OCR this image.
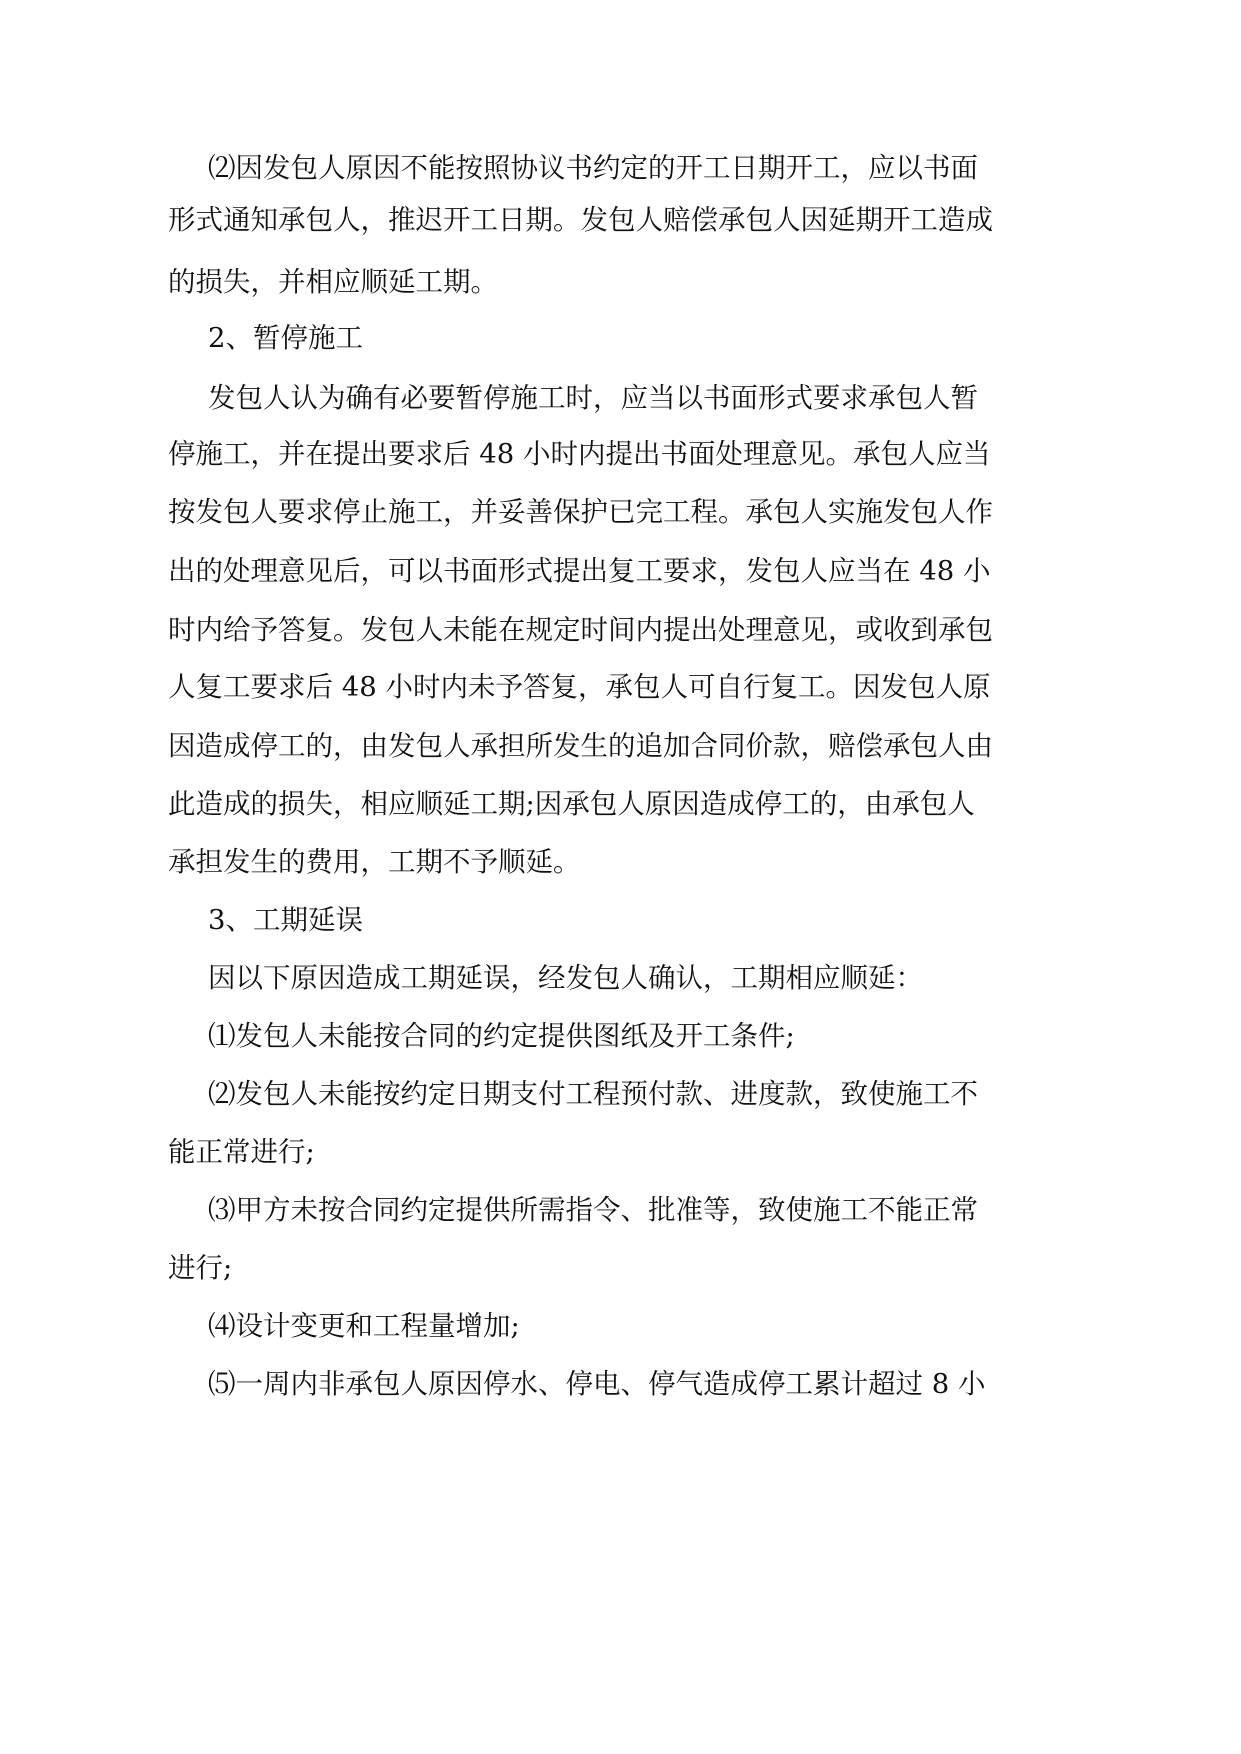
⑵因发包人原因不能按照协议书约定的开工日期开工，应以书面
形式通知承包人，推迟开工日期。发包人赔偿承包人因延期开工造成
的损失，并相应顺延工期。
2、暂停施工
发包人认为确有必要暂停施工时，应当以书面形式要求承包人暂
停施工，并在提出要求后 48 小时内提出书面处理意见。承包人应当
按发包人要求停止施工，并妥善保护已完工程。承包人实施发包人作
出的处理意见后，可以书面形式提出复工要求，发包人应当在 48 小
时内给予答复。发包人未能在规定时间内提出处理意见，或收到承包
人复工要求后 48 小时内未予答复，承包人可自行复工。因发包人原
因造成停工的，由发包人承担所发生的追加合同价款，赔偿承包人由
此造成的损失，相应顺延工期;因承包人原因造成停工的，由承包人
承担发生的费用，工期不予顺延。
3、工期延误
因以下原因造成工期延误，经发包人确认，工期相应顺延：
⑴发包人未能按合同的约定提供图纸及开工条件;
⑵发包人未能按约定日期支付工程预付款、进度款，致使施工不
能正常进行;
⑶甲方未按合同约定提供所需指令、批准等，致使施工不能正常
进行;
⑷设计变更和工程量增加;
⑸一周内非承包人原因停水、停电、停气造成停工累计超过 8 小
